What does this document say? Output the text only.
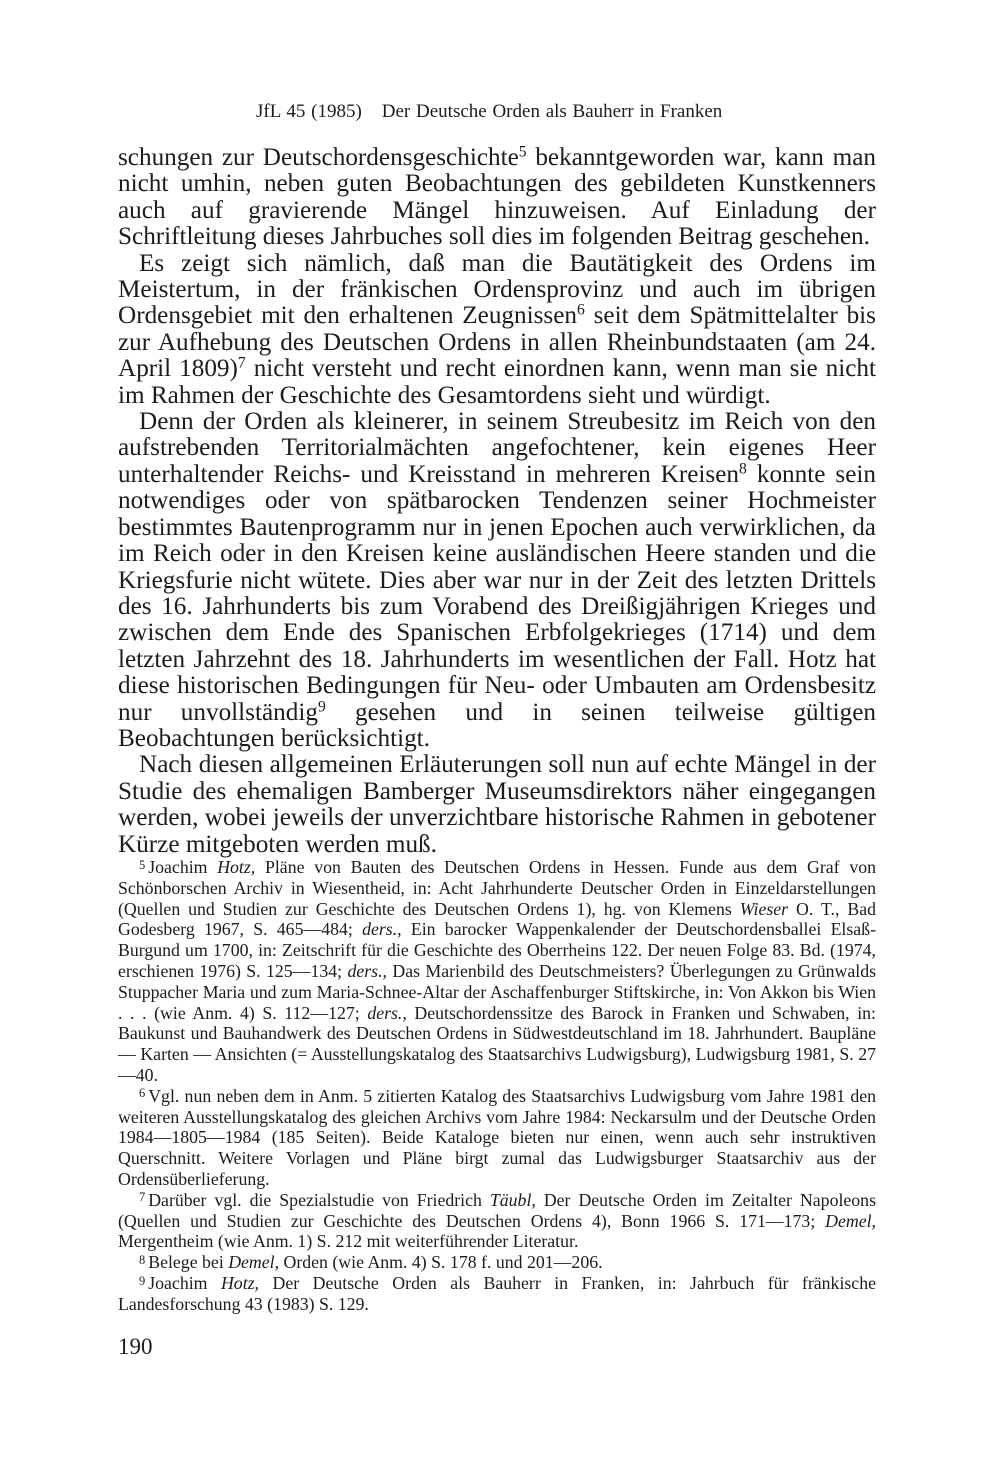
JfL 45 (1985) Der Deutsche Orden als Bauherr in Franken

schungen zur Deutschordensgeschichte$^5$ bekanntgeworden war, kann man nicht umhin, neben guten Beobachtungen des gebildeten Kunstkenners auch auf gravierende Mängel hinzuweisen. Auf Einladung der Schriftleitung dieses Jahrbuches soll dies im folgenden Beitrag geschehen.

Es zeigt sich nämlich, daß man die Bautätigkeit des Ordens im Meistertum, in der fränkischen Ordensprovinz und auch im übrigen Ordensgebiet mit den erhaltenen Zeugnissen$^6$ seit dem Spätmittelalter bis zur Aufhebung des Deutschen Ordens in allen Rheinbundstaaten (am 24. April 1809)$^7$ nicht versteht und recht einordnen kann, wenn man sie nicht im Rahmen der Geschichte des Gesamtordens sieht und würdigt.

Denn der Orden als kleinerer, in seinem Streubesitz im Reich von den aufstrebenden Territorialmächten angefochtener, kein eigenes Heer unterhaltender Reichs- und Kreisstand in mehreren Kreisen$^8$ konnte sein notwendiges oder von spätbarocken Tendenzen seiner Hochmeister bestimmtes Bautenprogramm nur in jenen Epochen auch verwirklichen, da im Reich oder in den Kreisen keine ausländischen Heere standen und die Kriegsfurie nicht wütete. Dies aber war nur in der Zeit des letzten Drittels des 16. Jahrhunderts bis zum Vorabend des Dreißigjährigen Krieges und zwischen dem Ende des Spanischen Erbfolgekrieges (1714) und dem letzten Jahrzehnt des 18. Jahrhunderts im wesentlichen der Fall. Hotz hat diese historischen Bedingungen für Neu- oder Umbauten am Ordensbesitz nur unvollständig$^9$ gesehen und in seinen teilweise gültigen Beobachtungen berücksichtigt.

Nach diesen allgemeinen Erläuterungen soll nun auf echte Mängel in der Studie des ehemaligen Bamberger Museumsdirektors näher eingegangen werden, wobei jeweils der unverzichtbare historische Rahmen in gebotener Kürze mitgeboten werden muß.

$^5$ Joachim Hotz, Pläne von Bauten des Deutschen Ordens in Hessen. Funde aus dem Graf von Schönborschen Archiv in Wiesentheid, in: Acht Jahrhunderte Deutscher Orden in Einzeldarstellungen (Quellen und Studien zur Geschichte des Deutschen Ordens 1), hg. von Klemens Wieser O. T., Bad Godesberg 1967, S. 465—484; ders., Ein barocker Wappenkalender der Deutschordensballei Elsaß-Burgund um 1700, in: Zeitschrift für die Geschichte des Oberrheins 122. Der neuen Folge 83. Bd. (1974, erschienen 1976) S. 125—134; ders., Das Marienbild des Deutschmeisters? Überlegungen zu Grünwalds Stuppacher Maria und zum Maria-Schnee-Altar der Aschaffenburger Stiftskirche, in: Von Akkon bis Wien . . . (wie Anm. 4) S. 112—127; ders., Deutschordenssitze des Barock in Franken und Schwaben, in: Baukunst und Bauhandwerk des Deutschen Ordens in Südwestdeutschland im 18. Jahrhundert. Baupläne — Karten — Ansichten (= Ausstellungskatalog des Staatsarchivs Ludwigsburg), Ludwigsburg 1981, S. 27—40.

$^6$ Vgl. nun neben dem in Anm. 5 zitierten Katalog des Staatsarchivs Ludwigsburg vom Jahre 1981 den weiteren Ausstellungskatalog des gleichen Archivs vom Jahre 1984: Neckarsulm und der Deutsche Orden 1984—1805—1984 (185 Seiten). Beide Kataloge bieten nur einen, wenn auch sehr instruktiven Querschnitt. Weitere Vorlagen und Pläne birgt zumal das Ludwigsburger Staatsarchiv aus der Ordensüberlieferung.

$^7$ Darüber vgl. die Spezialstudie von Friedrich Täubl, Der Deutsche Orden im Zeitalter Napoleons (Quellen und Studien zur Geschichte des Deutschen Ordens 4), Bonn 1966 S. 171—173; Demel, Mergentheim (wie Anm. 1) S. 212 mit weiterführender Literatur.

$^8$ Belege bei Demel, Orden (wie Anm. 4) S. 178 f. und 201—206.

$^9$ Joachim Hotz, Der Deutsche Orden als Bauherr in Franken, in: Jahrbuch für fränkische Landesforschung 43 (1983) S. 129.

190
